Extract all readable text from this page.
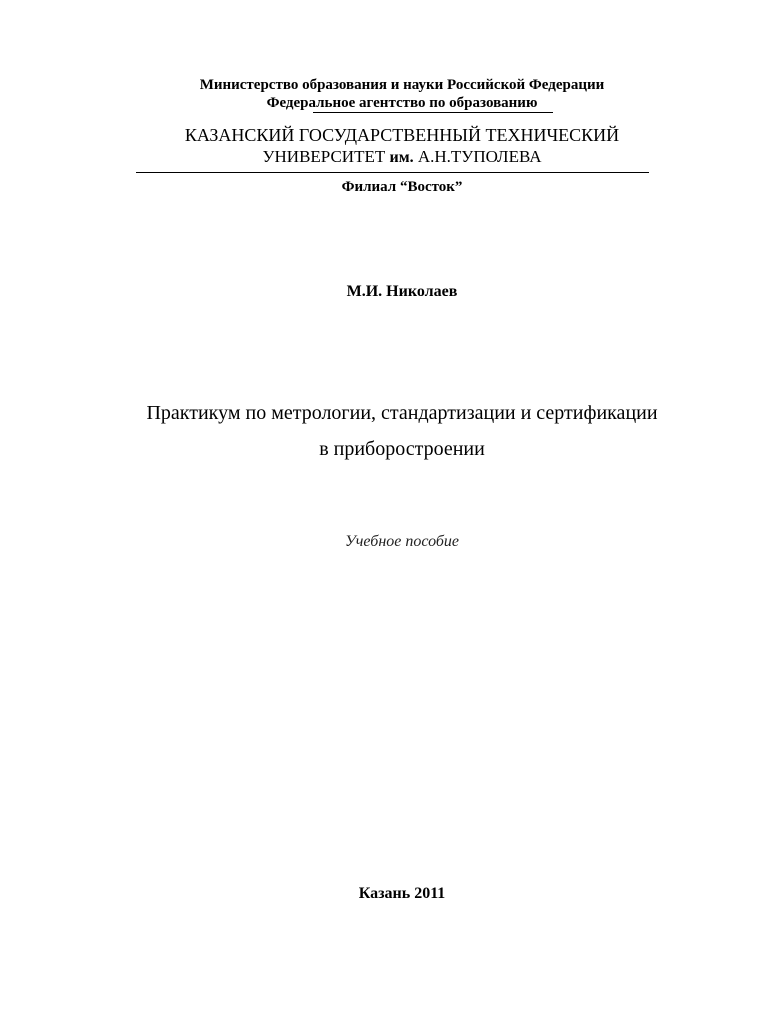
Министерство образования и науки Российской Федерации
Федеральное агентство по образованию
КАЗАНСКИЙ ГОСУДАРСТВЕННЫЙ ТЕХНИЧЕСКИЙ
УНИВЕРСИТЕТ им. А.Н.ТУПОЛЕВА
Филиал “Восток”
М.И. Николаев
Практикум по метрологии, стандартизации и сертификации
в приборостроении
Учебное пособие
Казань 2011
